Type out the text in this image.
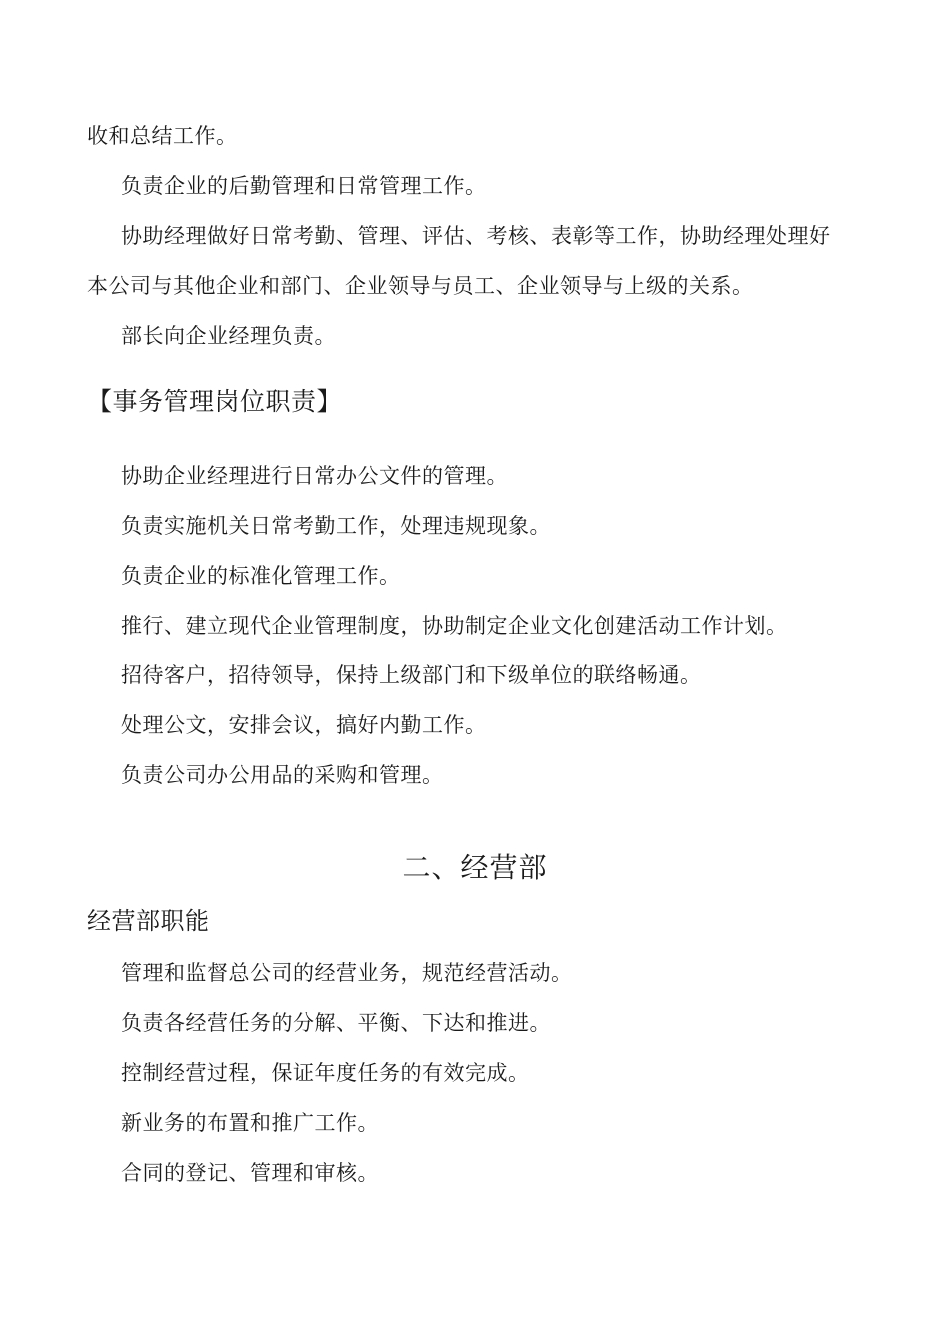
收和总结工作。
负责企业的后勤管理和日常管理工作。
协助经理做好日常考勤、管理、评估、考核、表彰等工作，协助经理处理好
本公司与其他企业和部门、企业领导与员工、企业领导与上级的关系。
部长向企业经理负责。
【事务管理岗位职责】
协助企业经理进行日常办公文件的管理。
负责实施机关日常考勤工作，处理违规现象。
负责企业的标准化管理工作。
推行、建立现代企业管理制度，协助制定企业文化创建活动工作计划。
招待客户，招待领导，保持上级部门和下级单位的联络畅通。
处理公文，安排会议，搞好内勤工作。
负责公司办公用品的采购和管理。
二、经营部
经营部职能
管理和监督总公司的经营业务，规范经营活动。
负责各经营任务的分解、平衡、下达和推进。
控制经营过程，保证年度任务的有效完成。
新业务的布置和推广工作。
合同的登记、管理和审核。
